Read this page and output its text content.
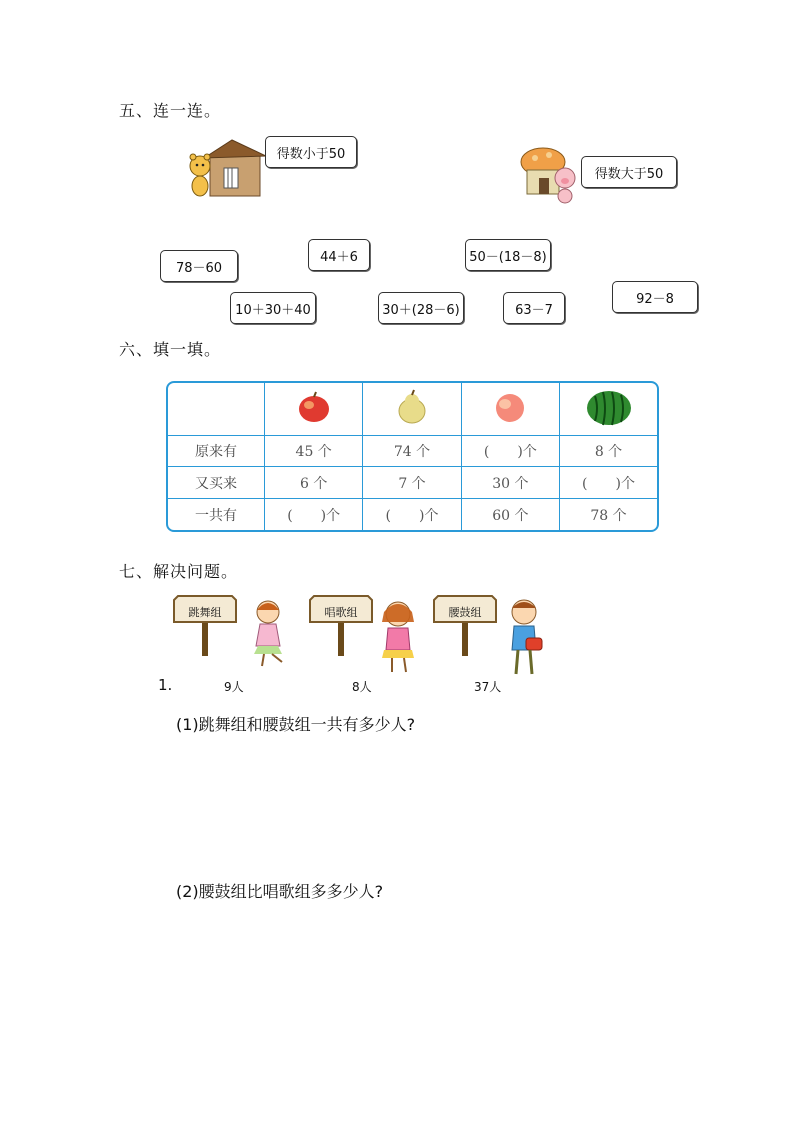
五、连一连。
得数小于50
得数大于50
78－60
44＋6	50－(18－8)
10＋30＋40	30＋(28－6)	63－7
92－8
六、填一填。

原来有	45 个	74 个	(　　)个	8 个
又买来	6 个	7 个	30 个	(　　)个
一共有	(　　)个	(　　)个	60 个	78 个
七、解决问题。
跳舞组	唱歌组	腰鼓组
1.	9人	8人	37人
(1)跳舞组和腰鼓组一共有多少人?
(2)腰鼓组比唱歌组多多少人?
